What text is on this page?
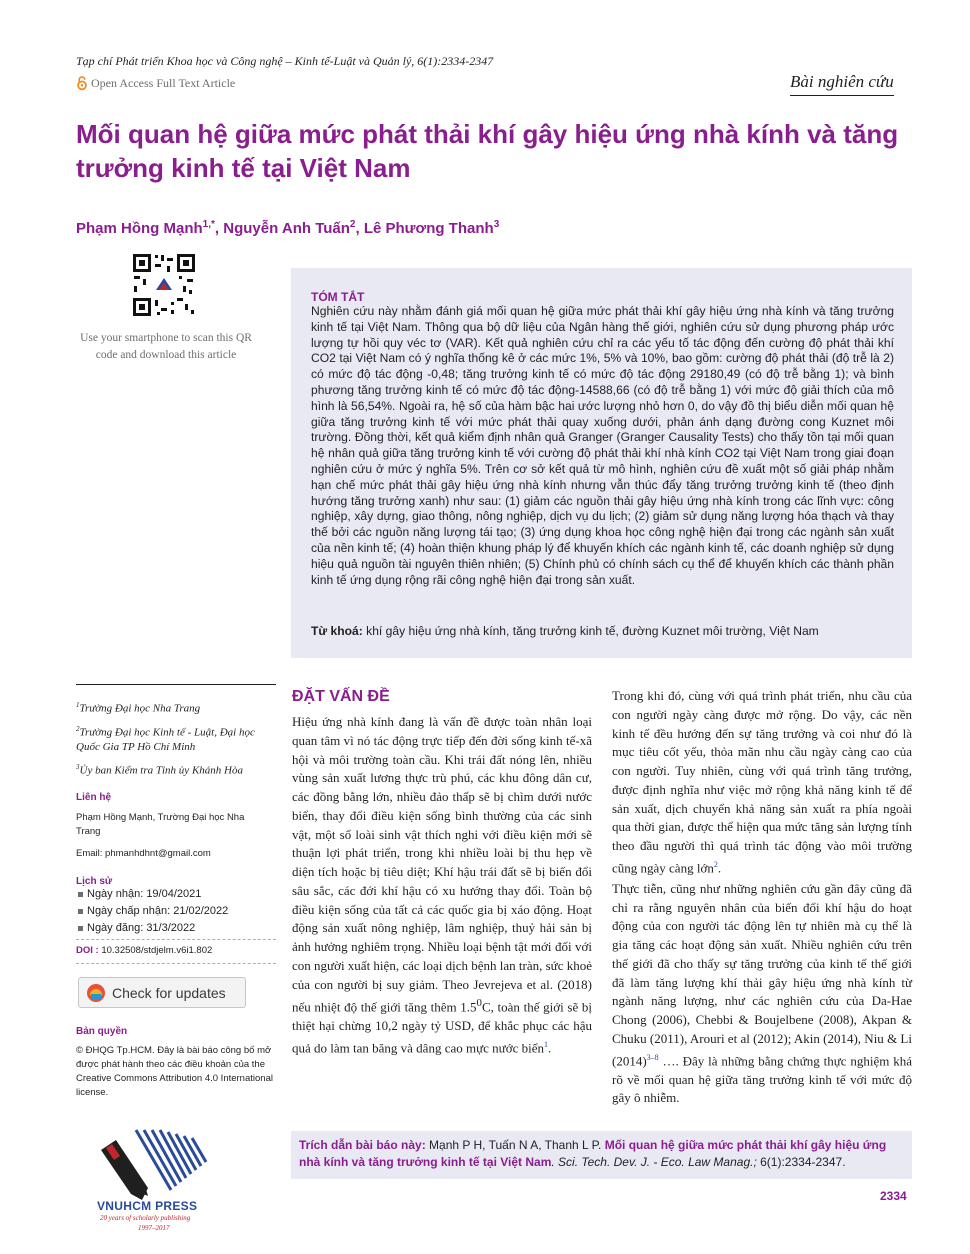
Tạp chí Phát triển Khoa học và Công nghệ – Kinh tế-Luật và Quản lý, 6(1):2334-2347
Open Access Full Text Article	Bài nghiên cứu
Mối quan hệ giữa mức phát thải khí gây hiệu ứng nhà kính và tăng trưởng kinh tế tại Việt Nam
Phạm Hồng Mạnh$^{1,*}$, Nguyễn Anh Tuấn$^2$, Lê Phương Thanh$^3$
Use your smartphone to scan this QR code and download this article
TÓM TẮT
Nghiên cứu này nhằm đánh giá mối quan hệ giữa mức phát thải khí gây hiệu ứng nhà kính và tăng trưởng kinh tế tại Việt Nam. Thông qua bộ dữ liệu của Ngân hàng thế giới, nghiên cứu sử dụng phương pháp ước lượng tự hồi quy véc tơ (VAR). Kết quả nghiên cứu chỉ ra các yếu tố tác động đến cường độ phát thải khí CO2 tại Việt Nam có ý nghĩa thống kê ở các mức 1%, 5% và 10%, bao gồm: cường độ phát thải (độ trễ là 2) có mức độ tác động -0,48; tăng trưởng kinh tế có mức độ tác động 29180,49 (có độ trễ bằng 1); và bình phương tăng trưởng kinh tế có mức độ tác động-14588,66 (có độ trễ bằng 1) với mức độ giải thích của mô hình là 56,54%. Ngoài ra, hệ số của hàm bậc hai ước lượng nhỏ hơn 0, do vậy đồ thị biểu diễn mối quan hệ giữa tăng trưởng kinh tế với mức phát thải quay xuống dưới, phản ánh dạng đường cong Kuznet môi trường. Đồng thời, kết quả kiểm định nhân quả Granger (Granger Causality Tests) cho thấy tồn tại mối quan hệ nhân quả giữa tăng trưởng kinh tế với cường độ phát thải khí nhà kính CO2 tại Việt Nam trong giai đoạn nghiên cứu ở mức ý nghĩa 5%. Trên cơ sở kết quả từ mô hình, nghiên cứu đề xuất một số giải pháp nhằm hạn chế mức phát thải gây hiệu ứng nhà kính nhưng vẫn thúc đẩy tăng trưởng trưởng kinh tế (theo định hướng tăng trưởng xanh) như sau: (1) giảm các nguồn thải gây hiệu ứng nhà kính trong các lĩnh vực: công nghiệp, xây dựng, giao thông, nông nghiệp, dịch vụ du lịch; (2) giảm sử dụng năng lượng hóa thạch và thay thế bởi các nguồn năng lượng tái tạo; (3) ứng dụng khoa học công nghệ hiện đại trong các ngành sản xuất của nền kinh tế; (4) hoàn thiện khung pháp lý để khuyến khích các ngành kinh tế, các doanh nghiệp sử dụng hiệu quả nguồn tài nguyên thiên nhiên; (5) Chính phủ có chính sách cụ thể để khuyến khích các thành phần kinh tế ứng dụng rộng rãi công nghệ hiện đại trong sản xuất.
Từ khoá: khí gây hiệu ứng nhà kính, tăng trưởng kinh tế, đường Kuznet môi trường, Việt Nam
$^1$Trường Đại học Nha Trang
$^2$Trường Đại học Kinh tế - Luật, Đại học Quốc Gia TP Hồ Chí Minh
$^3$Ủy ban Kiểm tra Tỉnh ủy Khánh Hòa
Liên hệ
Phạm Hồng Mạnh, Trường Đại học Nha Trang
Email: phmanhdhnt@gmail.com
Lịch sử
Ngày nhận: 19/04/2021
Ngày chấp nhận: 21/02/2022
Ngày đăng: 31/3/2022
DOI : 10.32508/stdjelm.v6i1.802
Check for updates
Bản quyền
© ĐHQG Tp.HCM. Đây là bài báo công bố mở được phát hành theo các điều khoản của the Creative Commons Attribution 4.0 International license.
ĐẶT VẤN ĐỀ

Hiệu ứng nhà kính đang là vấn đề được toàn nhân loại quan tâm vì nó tác động trực tiếp đến đời sống kinh tế-xã hội và môi trường toàn cầu. Khi trái đất nóng lên, nhiều vùng sản xuất lương thực trù phú, các khu đông dân cư, các đồng bằng lớn, nhiều đảo thấp sẽ bị chìm dưới nước biển, thay đổi điều kiện sống bình thường của các sinh vật, một số loài sinh vật thích nghi với điều kiện mới sẽ thuận lợi phát triển, trong khi nhiều loài bị thu hẹp về diện tích hoặc bị tiêu diệt; Khí hậu trái đất sẽ bị biến đổi sâu sắc, các đới khí hậu có xu hướng thay đổi. Toàn bộ điều kiện sống của tất cả các quốc gia bị xáo động. Hoạt động sản xuất nông nghiệp, lâm nghiệp, thuỷ hải sản bị ảnh hưởng nghiêm trọng. Nhiều loại bệnh tật mới đối với con người xuất hiện, các loại dịch bệnh lan tràn, sức khoẻ của con người bị suy giảm. Theo Jevrejeva et al. (2018) nếu nhiệt độ thế giới tăng thêm $1.5^0C$, toàn thế giới sẽ bị thiệt hại chừng 10,2 ngày tỷ USD, để khắc phục các hậu quả do làm tan băng và dâng cao mực nước biển$^1$.

Trong khi đó, cùng với quá trình phát triển, nhu cầu của con người ngày càng được mở rộng. Do vậy, các nền kinh tế đều hướng đến sự tăng trưởng và coi như đó là mục tiêu cốt yếu, thỏa mãn nhu cầu ngày càng cao của con người. Tuy nhiên, cùng với quá trình tăng trưởng, được định nghĩa như việc mở rộng khả năng kinh tế để sản xuất, dịch chuyển khả năng sản xuất ra phía ngoài qua thời gian, được thể hiện qua mức tăng sản lượng tính theo đầu người thì quá trình tác động vào môi trường cũng ngày càng lớn$^2$.

Thực tiễn, cũng như những nghiên cứu gần đây cũng đã chỉ ra rằng nguyên nhân của biến đổi khí hậu do hoạt động của con người tác động lên tự nhiên mà cụ thể là gia tăng các hoạt động sản xuất. Nhiều nghiên cứu trên thế giới đã cho thấy sự tăng trưởng của kinh tế thế giới đã làm tăng lượng khí thải gây hiệu ứng nhà kính từ ngành năng lượng, như các nghiên cứu của Da-Hae Chong (2006), Chebbi & Boujelbene (2008), Akpan & Chuku (2011), Arouri et al (2012); Akin (2014), Niu & Li (2014)$^{3-8}$ …. Đây là những bằng chứng thực nghiệm khá rõ về mối quan hệ giữa tăng trưởng kinh tế với mức độ gây ô nhiễm.

Trích dẫn bài báo này: Mạnh P H, Tuấn N A, Thanh L P. Mối quan hệ giữa mức phát thải khí gây hiệu ứng nhà kính và tăng trưởng kinh tế tại Việt Nam. Sci. Tech. Dev. J. - Eco. Law Manag.; 6(1):2334-2347.
VNUHCM PRESS
20 years of scholarly publishing
1997–2017
2334
